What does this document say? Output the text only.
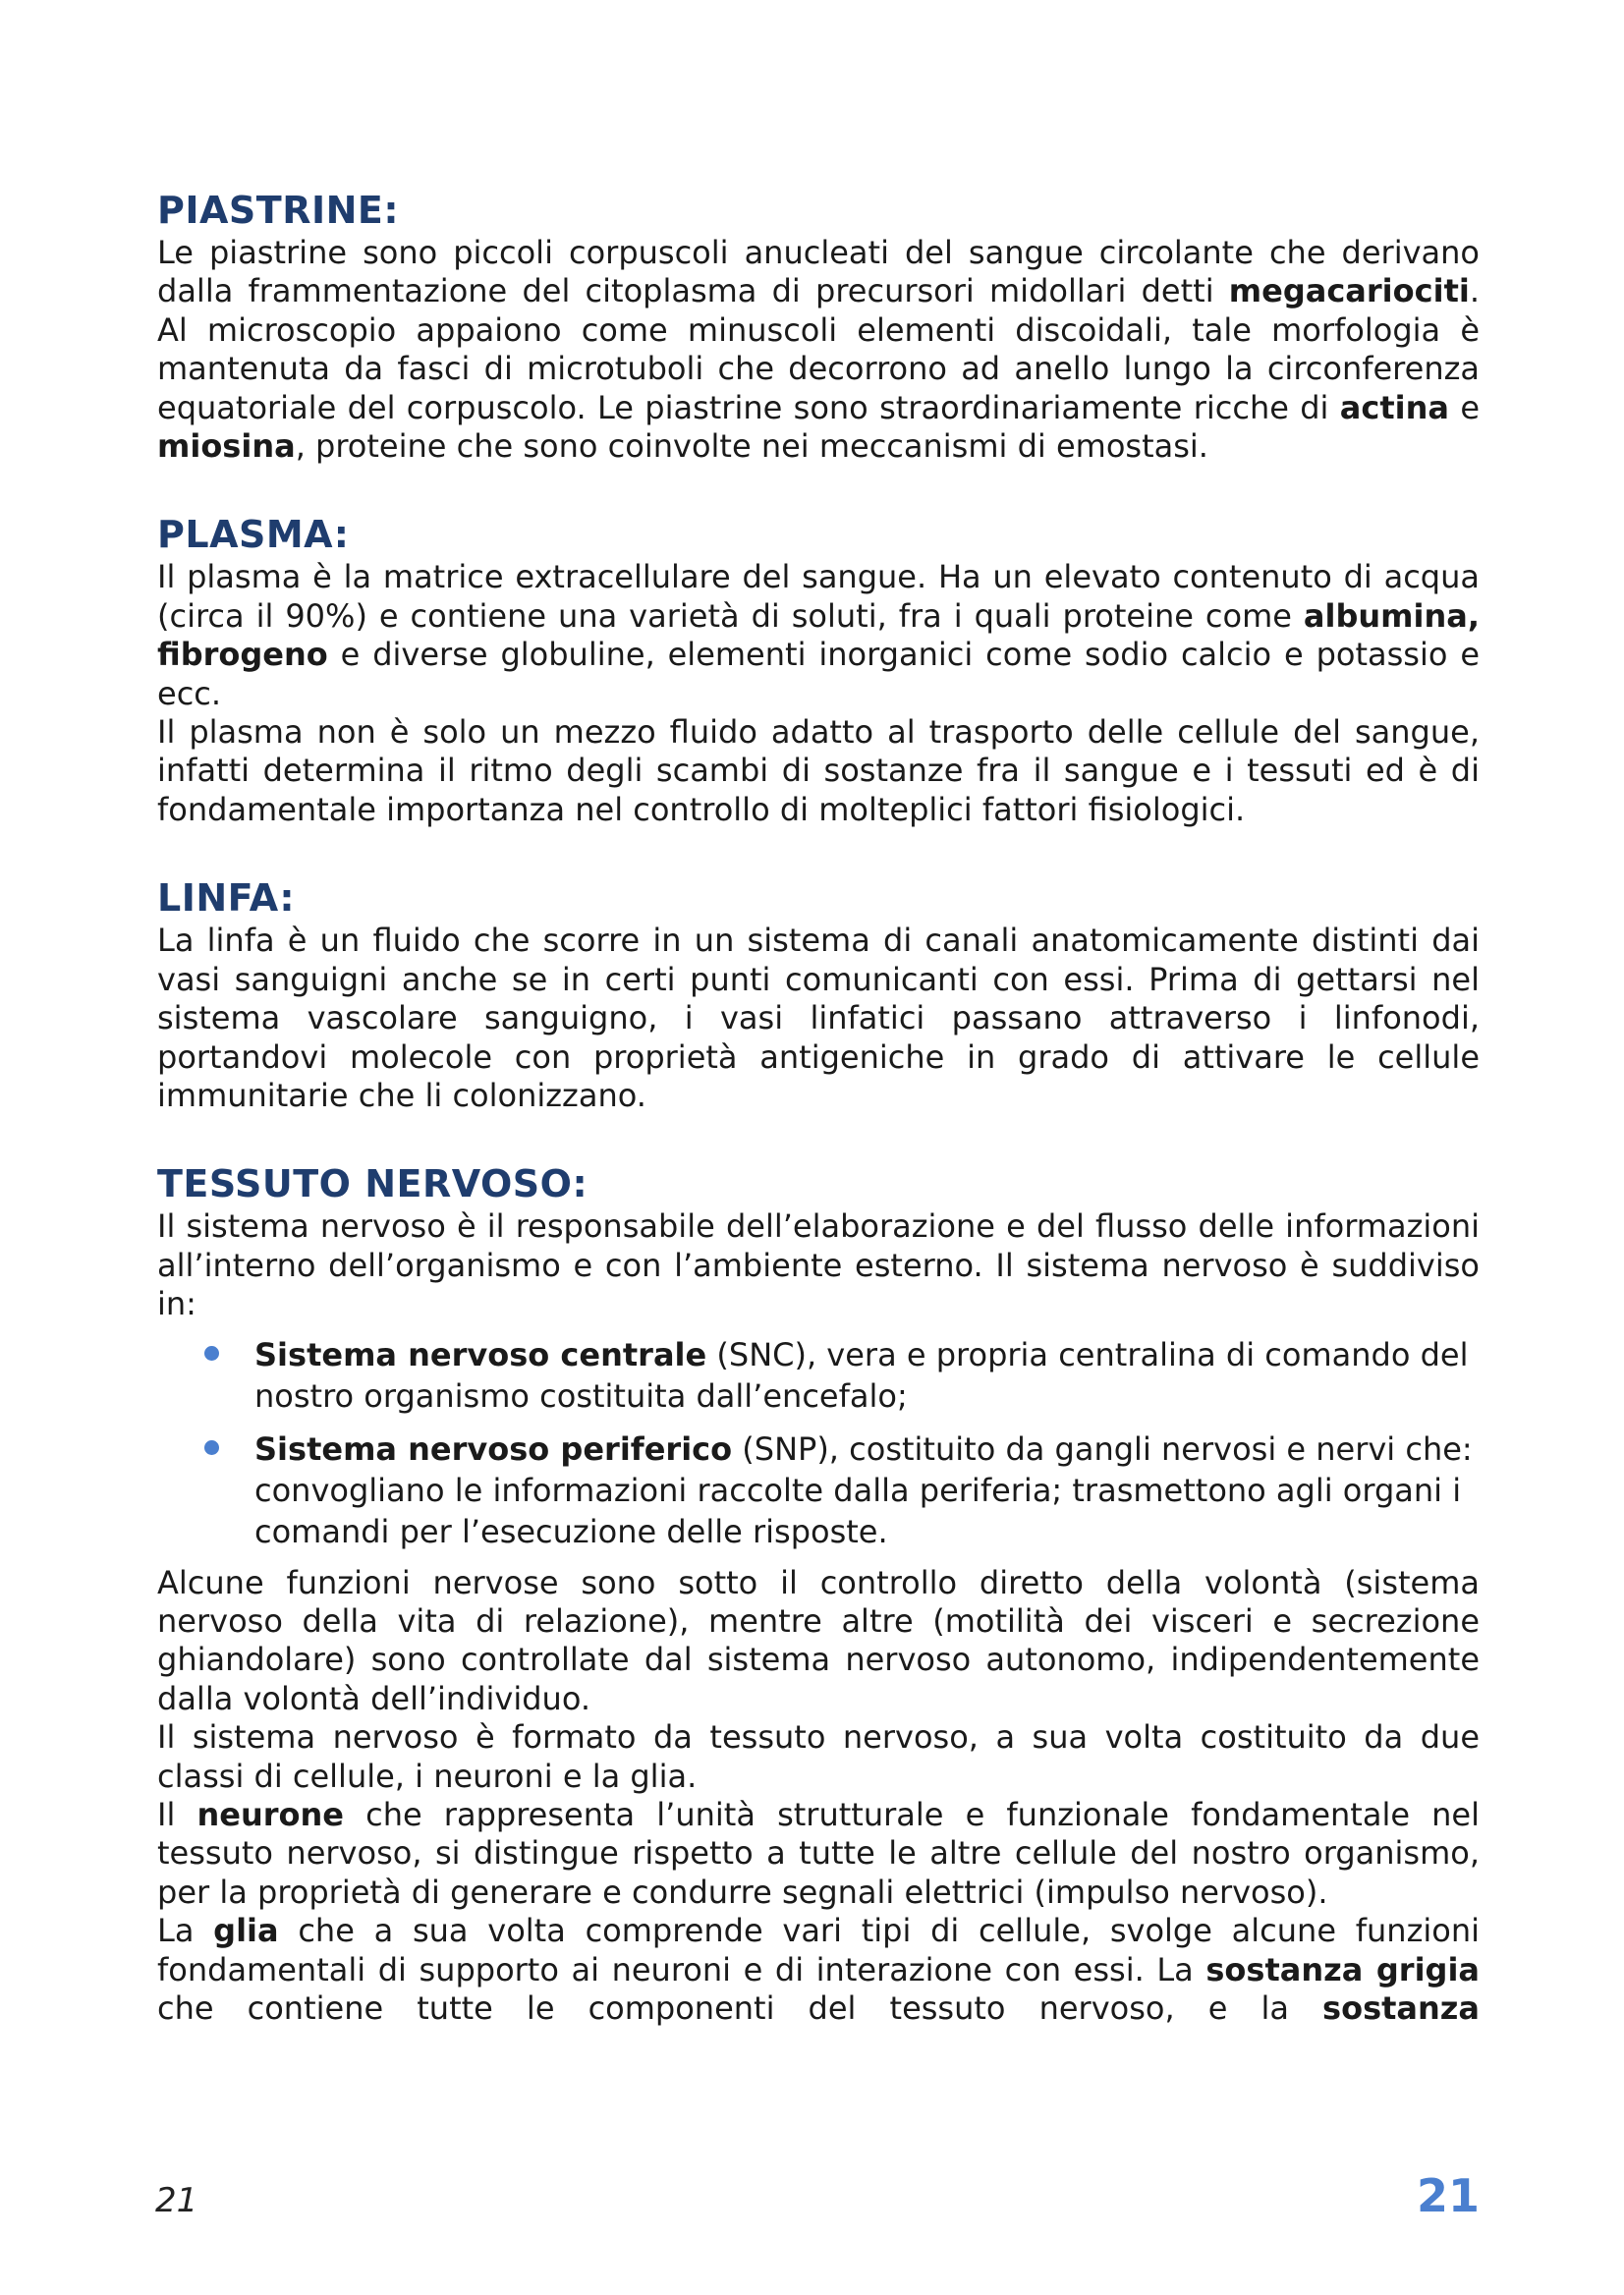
PIASTRINE:

Le piastrine sono piccoli corpuscoli anucleati del sangue circolante che derivano dalla frammentazione del citoplasma di precursori midollari detti megacariociti. Al microscopio appaiono come minuscoli elementi discoidali, tale morfologia è mantenuta da fasci di microtuboli che decorrono ad anello lungo la circonferenza equatoriale del corpuscolo. Le piastrine sono straordinariamente ricche di actina e miosina, proteine che sono coinvolte nei meccanismi di emostasi.

PLASMA:

Il plasma è la matrice extracellulare del sangue. Ha un elevato contenuto di acqua (circa il 90%) e contiene una varietà di soluti, fra i quali proteine come albumina, fibrogeno e diverse globuline, elementi inorganici come sodio calcio e potassio e ecc.

Il plasma non è solo un mezzo fluido adatto al trasporto delle cellule del sangue, infatti determina il ritmo degli scambi di sostanze fra il sangue e i tessuti ed è di fondamentale importanza nel controllo di molteplici fattori fisiologici.

LINFA:

La linfa è un fluido che scorre in un sistema di canali anatomicamente distinti dai vasi sanguigni anche se in certi punti comunicanti con essi. Prima di gettarsi nel sistema vascolare sanguigno, i vasi linfatici passano attraverso i linfonodi, portandovi molecole con proprietà antigeniche in grado di attivare le cellule immunitarie che li colonizzano.

TESSUTO NERVOSO:

Il sistema nervoso è il responsabile dell’elaborazione e del flusso delle informazioni all’interno dell’organismo e con l’ambiente esterno. Il sistema nervoso è suddiviso in:

Sistema nervoso centrale (SNC), vera e propria centralina di comando del nostro organismo costituita dall’encefalo;
Sistema nervoso periferico (SNP), costituito da gangli nervosi e nervi che: convogliano le informazioni raccolte dalla periferia; trasmettono agli organi i comandi per l’esecuzione delle risposte.

Alcune funzioni nervose sono sotto il controllo diretto della volontà (sistema nervoso della vita di relazione), mentre altre (motilità dei visceri e secrezione ghiandolare) sono controllate dal sistema nervoso autonomo, indipendentemente dalla volontà dell’individuo.

Il sistema nervoso è formato da tessuto nervoso, a sua volta costituito da due classi di cellule, i neuroni e la glia.

Il neurone che rappresenta l’unità strutturale e funzionale fondamentale nel tessuto nervoso, si distingue rispetto a tutte le altre cellule del nostro organismo, per la proprietà di generare e condurre segnali elettrici (impulso nervoso).

La glia che a sua volta comprende vari tipi di cellule, svolge alcune funzioni fondamentali di supporto ai neuroni e di interazione con essi. La sostanza grigia che contiene tutte le componenti del tessuto nervoso, e la sostanza

21	21
